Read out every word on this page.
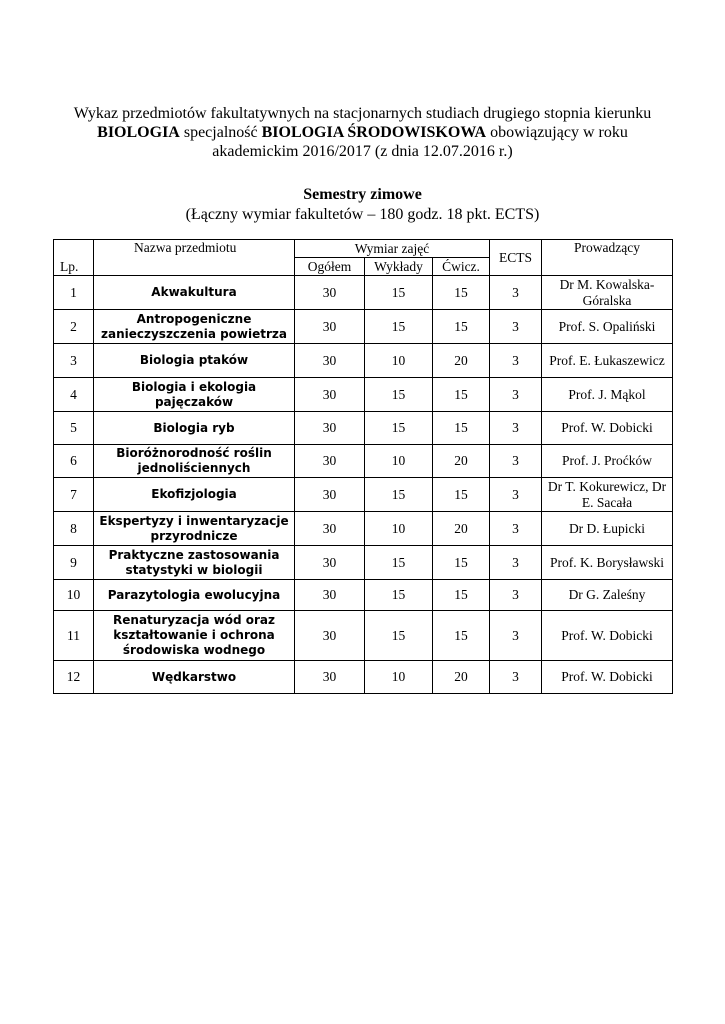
Wykaz przedmiotów fakultatywnych na stacjonarnych studiach drugiego stopnia kierunku
BIOLOGIA specjalność BIOLOGIA ŚRODOWISKOWA obowiązujący w roku
akademickim 2016/2017 (z dnia 12.07.2016 r.)
Semestry zimowe
(Łączny wymiar fakultetów – 180 godz. 18 pkt. ECTS)
Lp.	Nazwa przedmiotu	Wymiar zajęć			ECTS	Prowadzący
		Ogółem	Wykłady	Ćwicz.		
1	Akwakultura	30	15	15	3	Dr M. Kowalska-Góralska
2	Antropogeniczne zanieczyszczenia powietrza	30	15	15	3	Prof. S. Opaliński
3	Biologia ptaków	30	10	20	3	Prof. E. Łukaszewicz
4	Biologia i ekologia pajęczaków	30	15	15	3	Prof. J. Mąkol
5	Biologia ryb	30	15	15	3	Prof. W. Dobicki
6	Bioróżnorodność roślin jednoliściennych	30	10	20	3	Prof. J. Proćków
7	Ekofizjologia	30	15	15	3	Dr T. Kokurewicz, Dr E. Sacała
8	Ekspertyzy i inwentaryzacje przyrodnicze	30	10	20	3	Dr D. Łupicki
9	Praktyczne zastosowania statystyki w biologii	30	15	15	3	Prof. K. Borysławski
10	Parazytologia ewolucyjna	30	15	15	3	Dr G. Zaleśny
11	Renaturyzacja wód oraz kształtowanie i ochrona środowiska wodnego	30	15	15	3	Prof. W. Dobicki
12	Wędkarstwo	30	10	20	3	Prof. W. Dobicki
